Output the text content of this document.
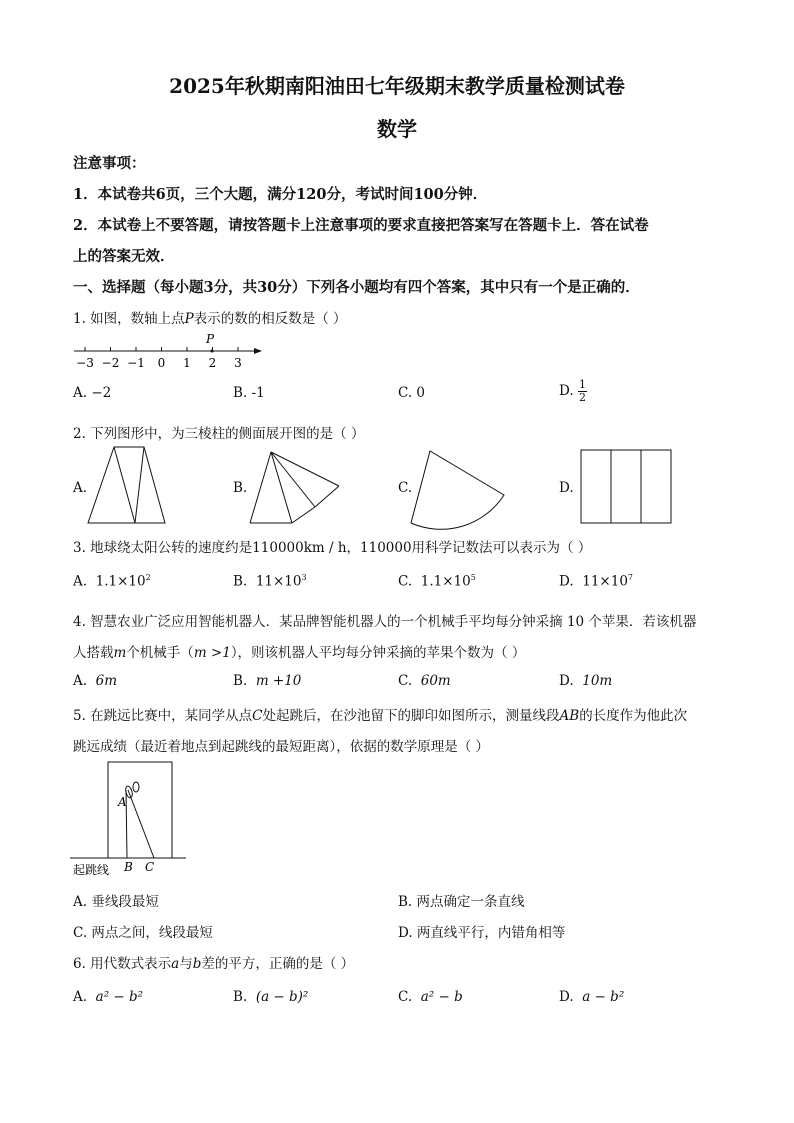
2025年秋期南阳油田七年级期末教学质量检测试卷
数学
注意事项：
1．本试卷共6页，三个大题，满分120分，考试时间100分钟．
2．本试卷上不要答题，请按答题卡上注意事项的要求直接把答案写在答题卡上．答在试卷
上的答案无效．
一、选择题（每小题3分，共30分）下列各小题均有四个答案，其中只有一个是正确的．
1. 如图，数轴上点P表示的数的相反数是（ ）
−3 −2 −1 0 1 2 3
P
A. −2	B. -1	C. 0	D. $\frac{1}{2}$
2. 下列图形中，为三棱柱的侧面展开图的是（ ）
A.	B.	C.	D.
3. 地球绕太阳公转的速度约是110000km / h，110000用科学记数法可以表示为（ ）
A. $1.1\times 10^2$	B. $11\times 10^3$	C. $1.1\times 10^5$	D. $11\times 10^7$
4. 智慧农业广泛应用智能机器人．某品牌智能机器人的一个机械手平均每分钟采摘 10 个苹果．若该机器
人搭载m个机械手（m >1），则该机器人平均每分钟采摘的苹果个数为（ ）
A. 6m	B. m +10	C. 60m	D. 10m
5. 在跳远比赛中，某同学从点C处起跳后，在沙池留下的脚印如图所示，测量线段AB的长度作为他此次
跳远成绩（最近着地点到起跳线的最短距离），依据的数学原理是（ ）
A
B C
起跳线
A. 垂线段最短	B. 两点确定一条直线
C. 两点之间，线段最短	D. 两直线平行，内错角相等
6. 用代数式表示a与b差的平方，正确的是（ ）
A. a² − b²	B. (a − b)²	C. a² − b	D. a − b²
